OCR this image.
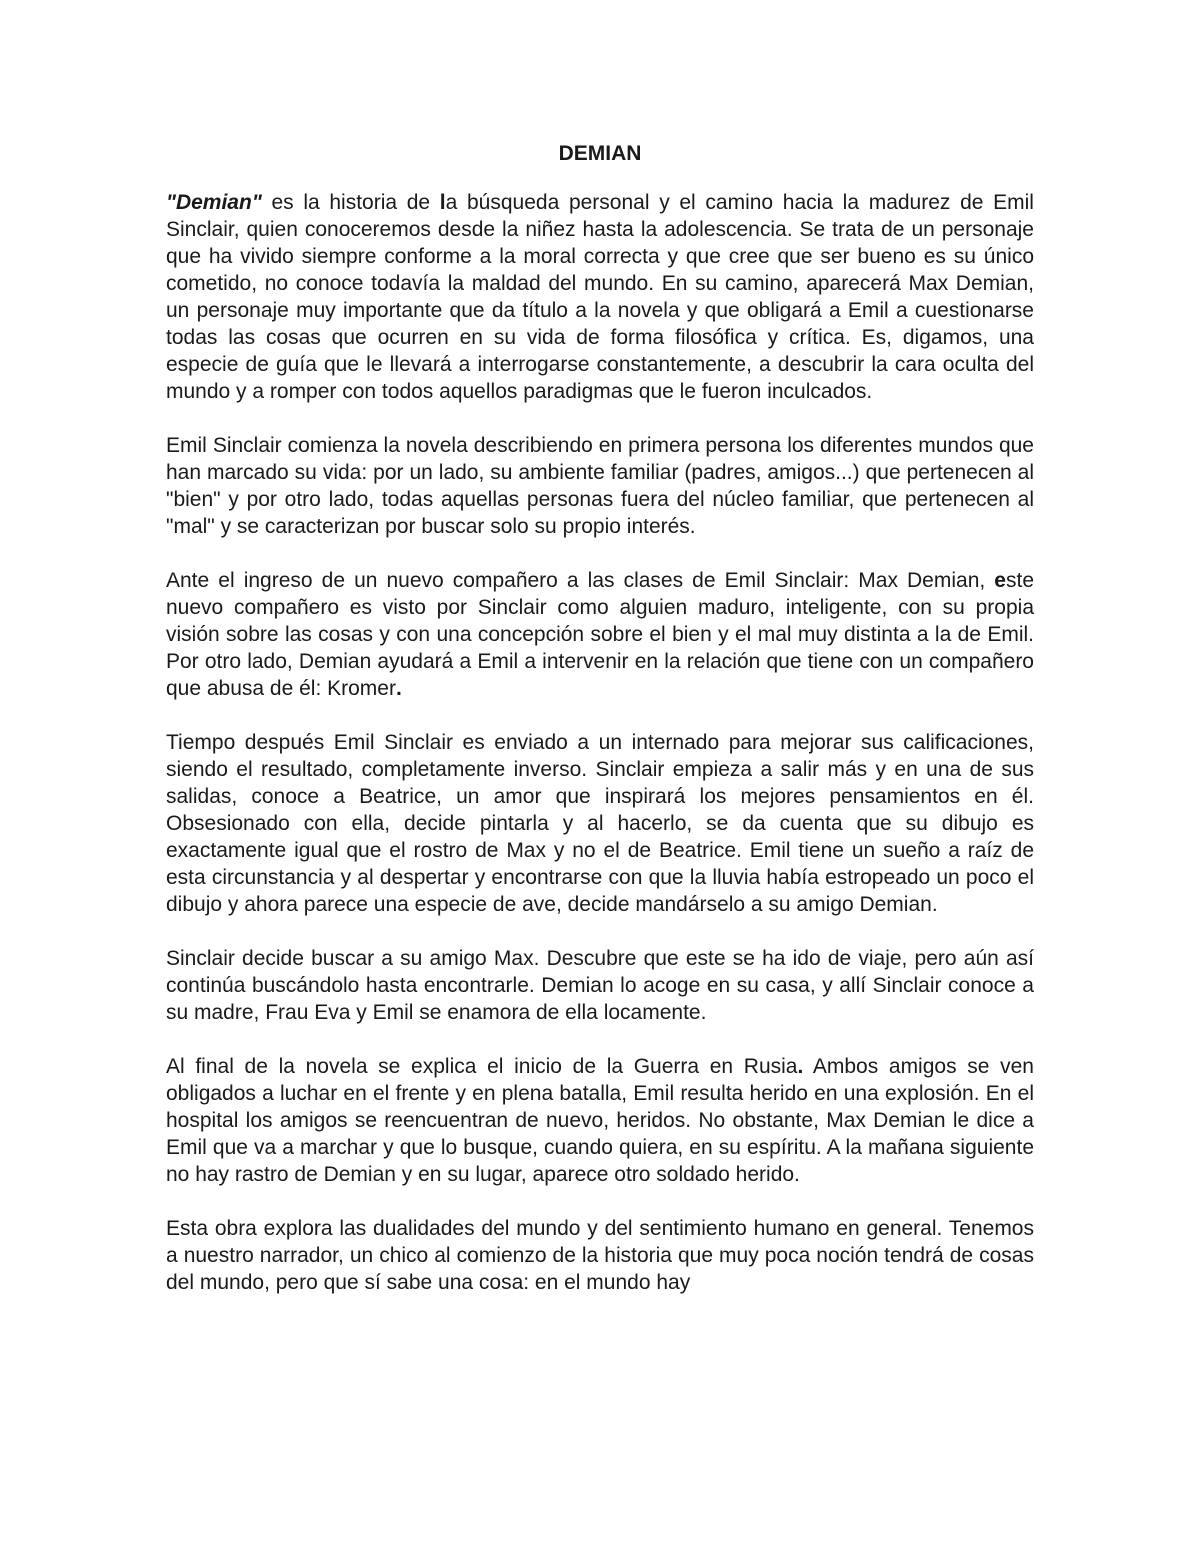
DEMIAN

"Demian" es la historia de la búsqueda personal y el camino hacia la madurez de Emil Sinclair, quien conoceremos desde la niñez hasta la adolescencia. Se trata de un personaje que ha vivido siempre conforme a la moral correcta y que cree que ser bueno es su único cometido, no conoce todavía la maldad del mundo. En su camino, aparecerá Max Demian, un personaje muy importante que da título a la novela y que obligará a Emil a cuestionarse todas las cosas que ocurren en su vida de forma filosófica y crítica. Es, digamos, una especie de guía que le llevará a interrogarse constantemente, a descubrir la cara oculta del mundo y a romper con todos aquellos paradigmas que le fueron inculcados.

Emil Sinclair comienza la novela describiendo en primera persona los diferentes mundos que han marcado su vida: por un lado, su ambiente familiar (padres, amigos...) que pertenecen al "bien" y por otro lado, todas aquellas personas fuera del núcleo familiar, que pertenecen al "mal" y se caracterizan por buscar solo su propio interés.

Ante el ingreso de un nuevo compañero a las clases de Emil Sinclair: Max Demian, este nuevo compañero es visto por Sinclair como alguien maduro, inteligente, con su propia visión sobre las cosas y con una concepción sobre el bien y el mal muy distinta a la de Emil. Por otro lado, Demian ayudará a Emil a intervenir en la relación que tiene con un compañero que abusa de él: Kromer.

Tiempo después Emil Sinclair es enviado a un internado para mejorar sus calificaciones, siendo el resultado, completamente inverso. Sinclair empieza a salir más y en una de sus salidas, conoce a Beatrice, un amor que inspirará los mejores pensamientos en él. Obsesionado con ella, decide pintarla y al hacerlo, se da cuenta que su dibujo es exactamente igual que el rostro de Max y no el de Beatrice. Emil tiene un sueño a raíz de esta circunstancia y al despertar y encontrarse con que la lluvia había estropeado un poco el dibujo y ahora parece una especie de ave, decide mandárselo a su amigo Demian.

Sinclair decide buscar a su amigo Max. Descubre que este se ha ido de viaje, pero aún así continúa buscándolo hasta encontrarle. Demian lo acoge en su casa, y allí Sinclair conoce a su madre, Frau Eva y Emil se enamora de ella locamente.

Al final de la novela se explica el inicio de la Guerra en Rusia. Ambos amigos se ven obligados a luchar en el frente y en plena batalla, Emil resulta herido en una explosión. En el hospital los amigos se reencuentran de nuevo, heridos. No obstante, Max Demian le dice a Emil que va a marchar y que lo busque, cuando quiera, en su espíritu. A la mañana siguiente no hay rastro de Demian y en su lugar, aparece otro soldado herido.

Esta obra explora las dualidades del mundo y del sentimiento humano en general. Tenemos a nuestro narrador, un chico al comienzo de la historia que muy poca noción tendrá de cosas del mundo, pero que sí sabe una cosa: en el mundo hay
